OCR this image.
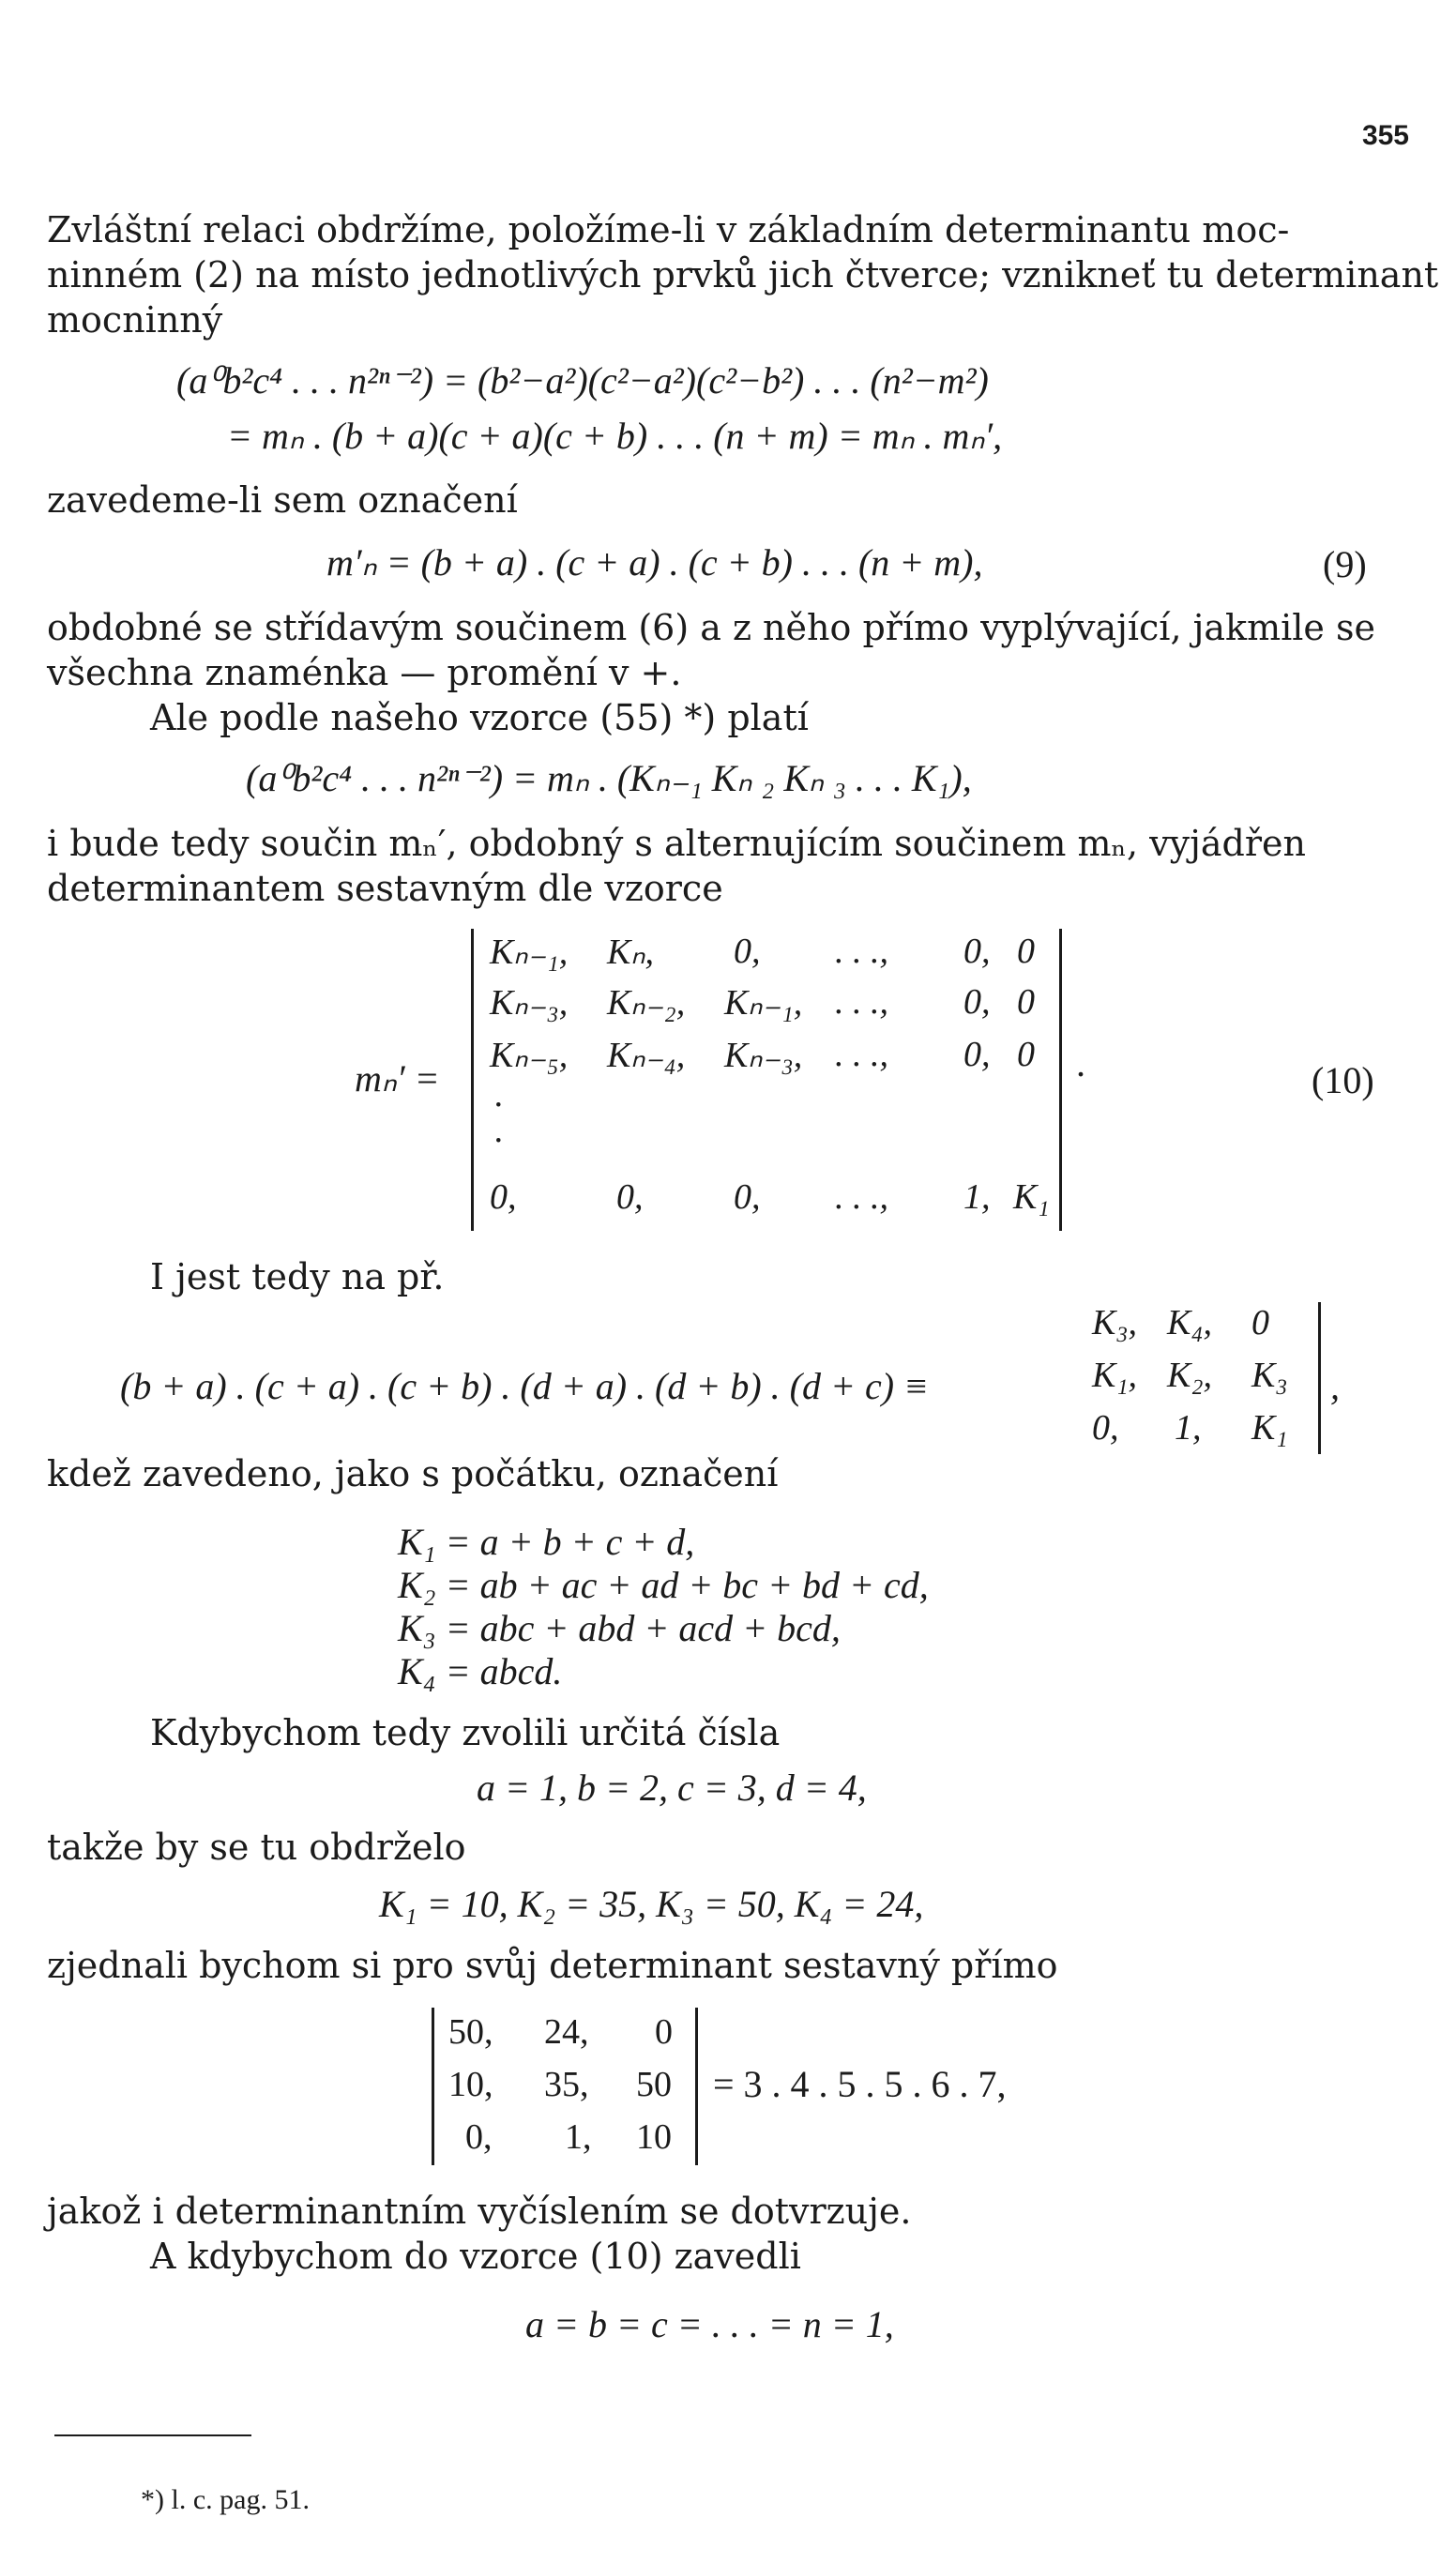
355
Zvláštní relaci obdržíme, položíme-li v základním determinantu moc-
ninném (2) na místo jednotlivých prvků jich čtverce; vznikneť tu determinant
mocninný
(a⁰b²c⁴ . . . n²ⁿ⁻²) = (b²−a²)(c²−a²)(c²−b²) . . . (n²−m²)
= mₙ . (b + a)(c + a)(c + b) . . . (n + m) = mₙ . mₙ′,
zavedeme-li sem označení
m′ₙ = (b + a) . (c + a) . (c + b) . . . (n + m),	(9)
obdobné se střídavým součinem (6) a z něho přímo vyplývající, jakmile se
všechna znaménka — promění v +.
Ale podle našeho vzorce (55) *) platí
(a⁰b²c⁴ . . . n²ⁿ⁻²) = mₙ . (Kₙ₋₁ Kₙ ₂ Kₙ ₃ . . . K₁),
i bude tedy součin mₙ′, obdobný s alternujícím součinem mₙ, vyjádřen
determinantem sestavným dle vzorce
mₙ′ =
Kₙ₋₁, Kₙ, 0, . . ., 0, 0
Kₙ₋₃, Kₙ₋₂, Kₙ₋₁, . . ., 0, 0
Kₙ₋₅, Kₙ₋₄, Kₙ₋₃, . . ., 0, 0
·
·
0,	0,	0, . . ., 1, K₁
.	(10)
I jest tedy na př.
(b + a) . (c + a) . (c + b) . (d + a) . (d + b) . (d + c) ≡
K₃, K₄, 0
K₁, K₂, K₃
0, 1, K₁
,
kdež zavedeno, jako s počátku, označení
K₁ = a + b + c + d,
K₂ = ab + ac + ad + bc + bd + cd,
K₃ = abc + abd + acd + bcd,
K₄ = abcd.
Kdybychom tedy zvolili určitá čísla
a = 1, b = 2, c = 3, d = 4,
takže by se tu obdrželo
K₁ = 10, K₂ = 35, K₃ = 50, K₄ = 24,
zjednali bychom si pro svůj determinant sestavný přímo
50, 24, 0
10, 35, 50
0, 1, 10
= 3 . 4 . 5 . 5 . 6 . 7,
jakož i determinantním vyčíslením se dotvrzuje.
A kdybychom do vzorce (10) zavedli
a = b = c = . . . = n = 1,
*) l. c. pag. 51.
